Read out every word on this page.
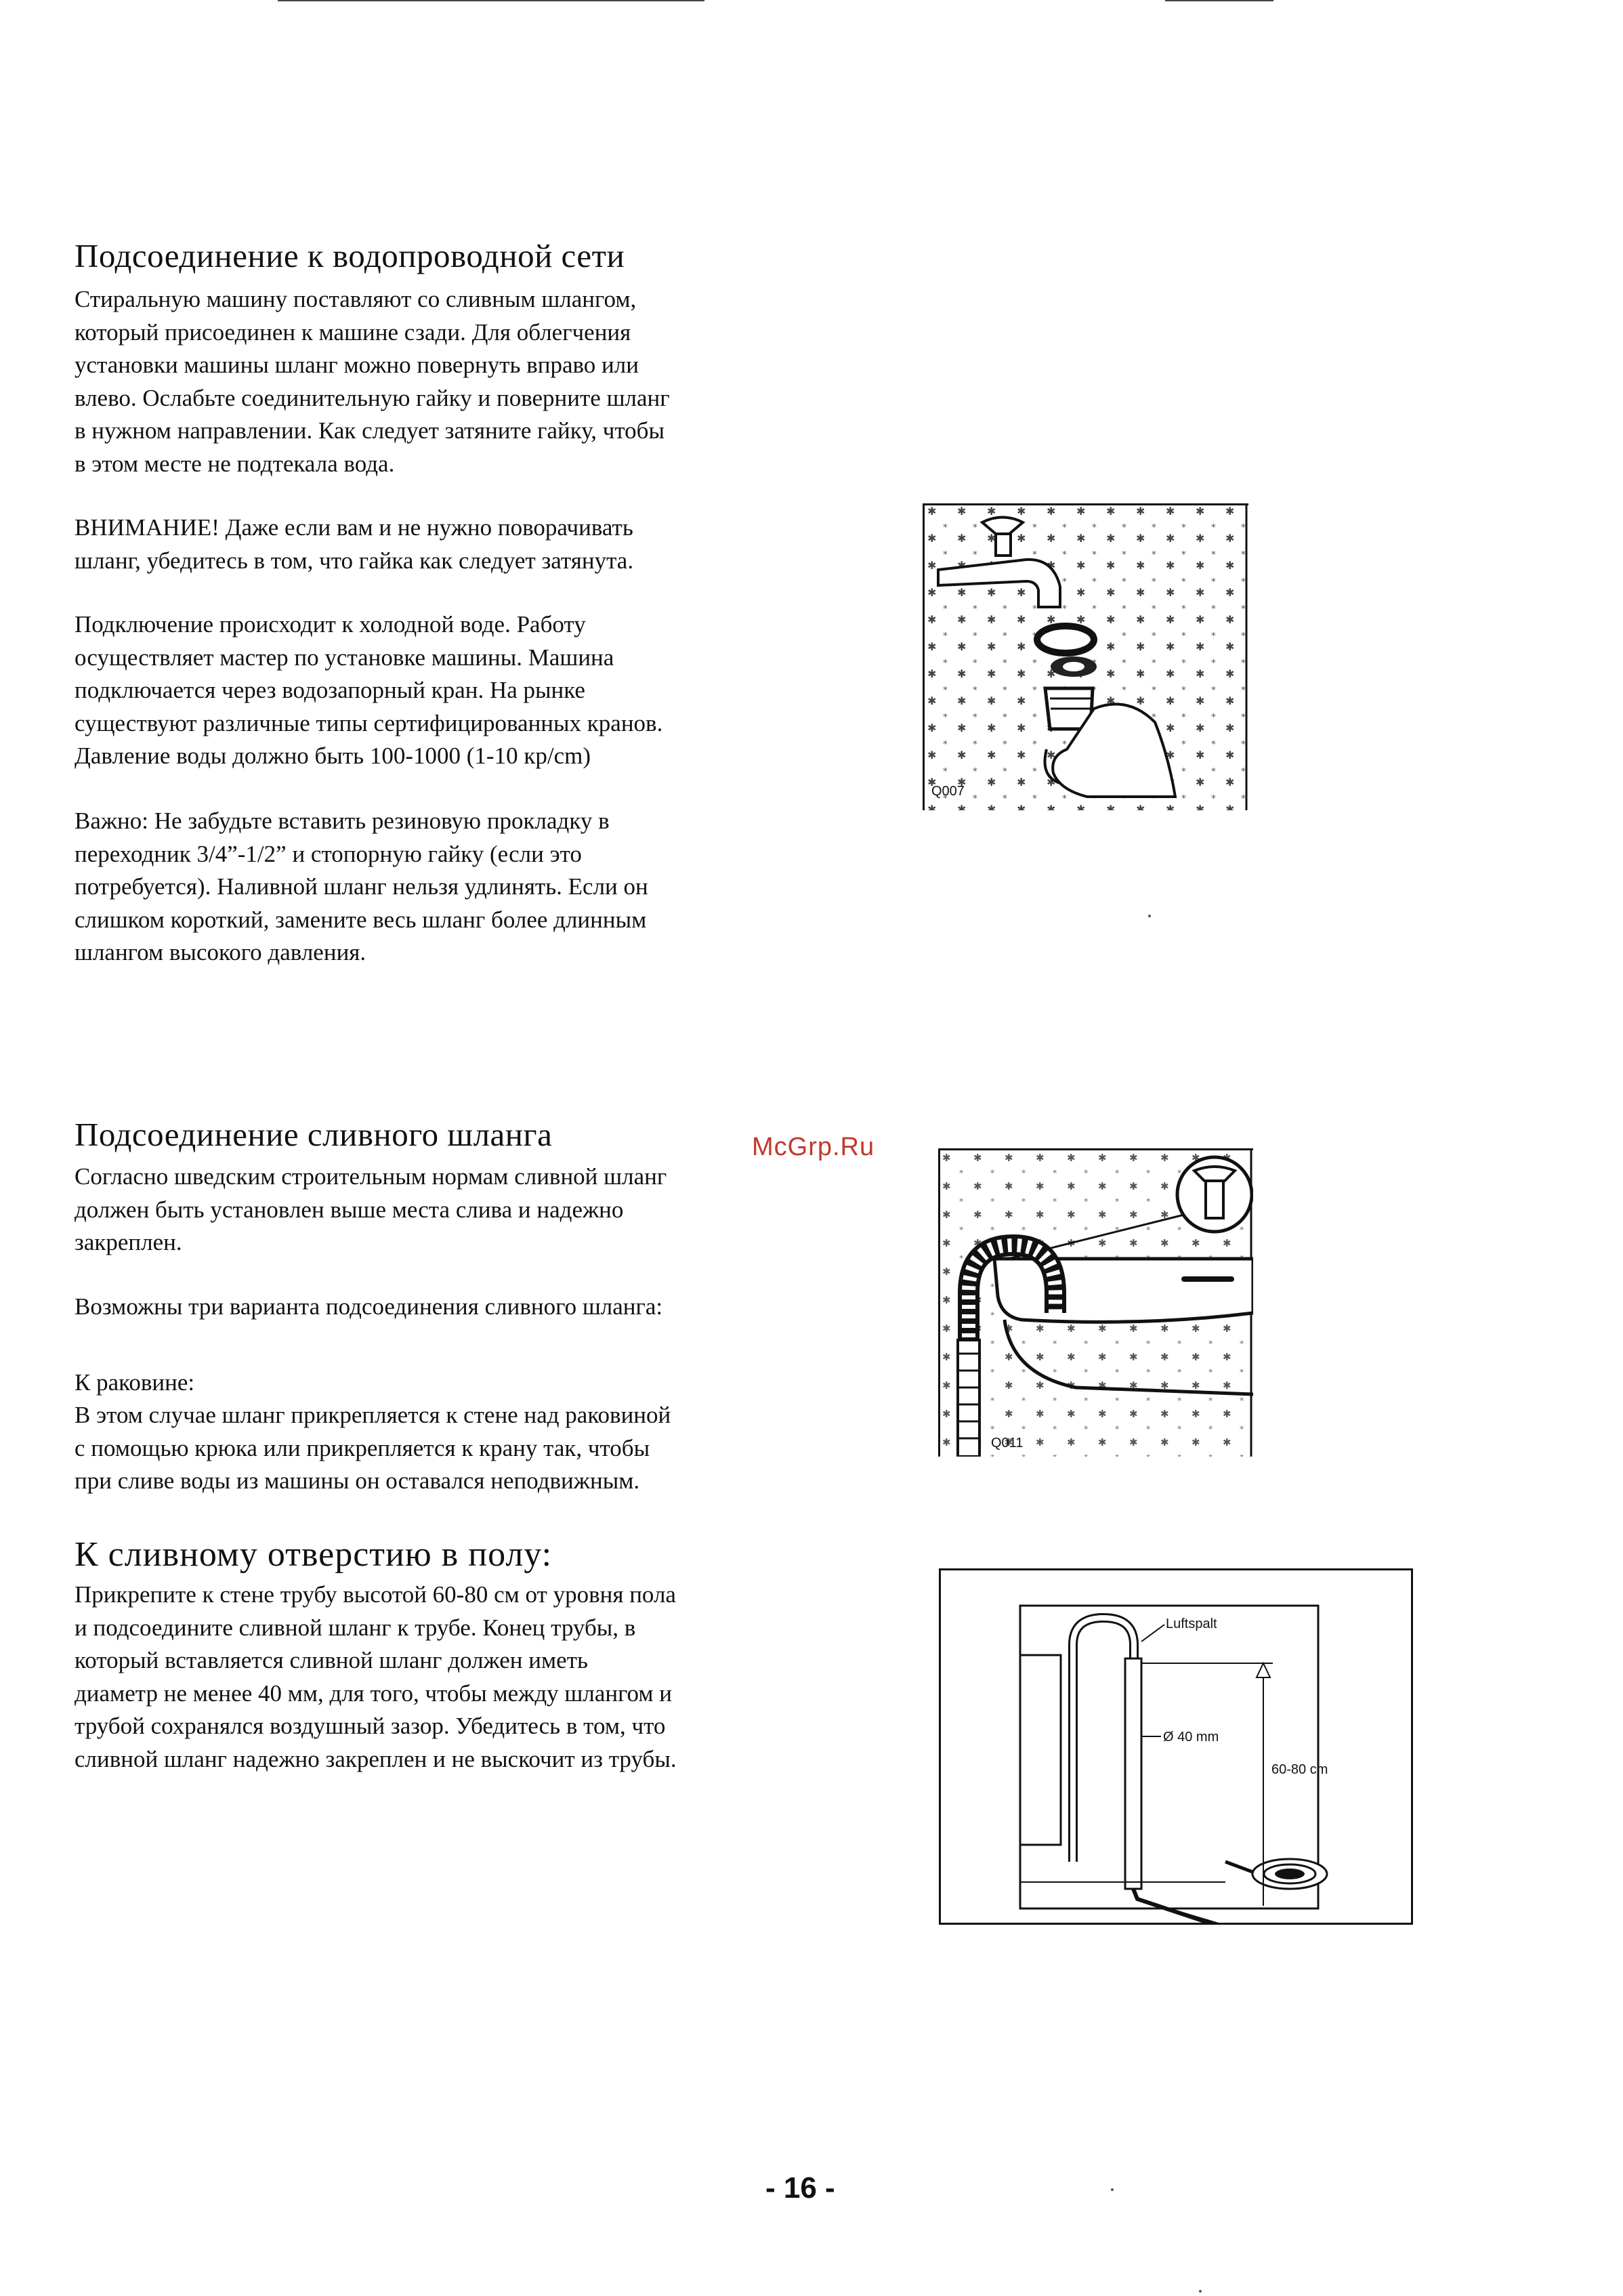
Подсоединение к водопроводной сети

Стиральную машину поставляют со сливным шлангом,
который присоединен к машине сзади. Для облегчения
установки машины шланг можно повернуть вправо или
влево. Ослабьте соединительную гайку и поверните шланг
в нужном направлении. Как следует затяните гайку, чтобы
в этом месте не подтекала вода.

ВНИМАНИЕ! Даже если вам и не нужно поворачивать
шланг, убедитесь в том, что гайка как следует затянута.

Подключение происходит к холодной воде. Работу
осуществляет мастер по установке машины. Машина
подключается через водозапорный кран. На рынке
существуют различные типы сертифицированных кранов.
Давление воды должно быть 100-1000 (1-10 кр/cm)

Важно: Не забудьте вставить резиновую прокладку в
переходник 3/4”-1/2” и стопорную гайку (если это
потребуется). Наливной шланг нельзя удлинять. Если он
слишком короткий, замените весь шланг более длинным
шлангом высокого давления.

Q007
Подсоединение сливного шланга	McGrp.Ru

Согласно шведским строительным нормам сливной шланг
должен быть установлен выше места слива и надежно
закреплен.

Возможны три варианта подсоединения сливного шланга:

К раковине:

В этом случае шланг прикрепляется к стене над раковиной
с помощью крюка или прикрепляется к крану так, чтобы
при сливе воды из машины он оставался неподвижным.

Q011
К сливному отверстию в полу:

Прикрепите к стене трубу высотой 60-80 см от уровня пола
и подсоедините сливной шланг к трубе. Конец трубы, в
который вставляется сливной шланг должен иметь
диаметр не менее 40 мм, для того, чтобы между шлангом и
трубой сохранялся воздушный зазор. Убедитесь в том, что
сливной шланг надежно закреплен и не выскочит из трубы.

Luftspalt
Ø 40 mm
60-80 cm
- 16 -
